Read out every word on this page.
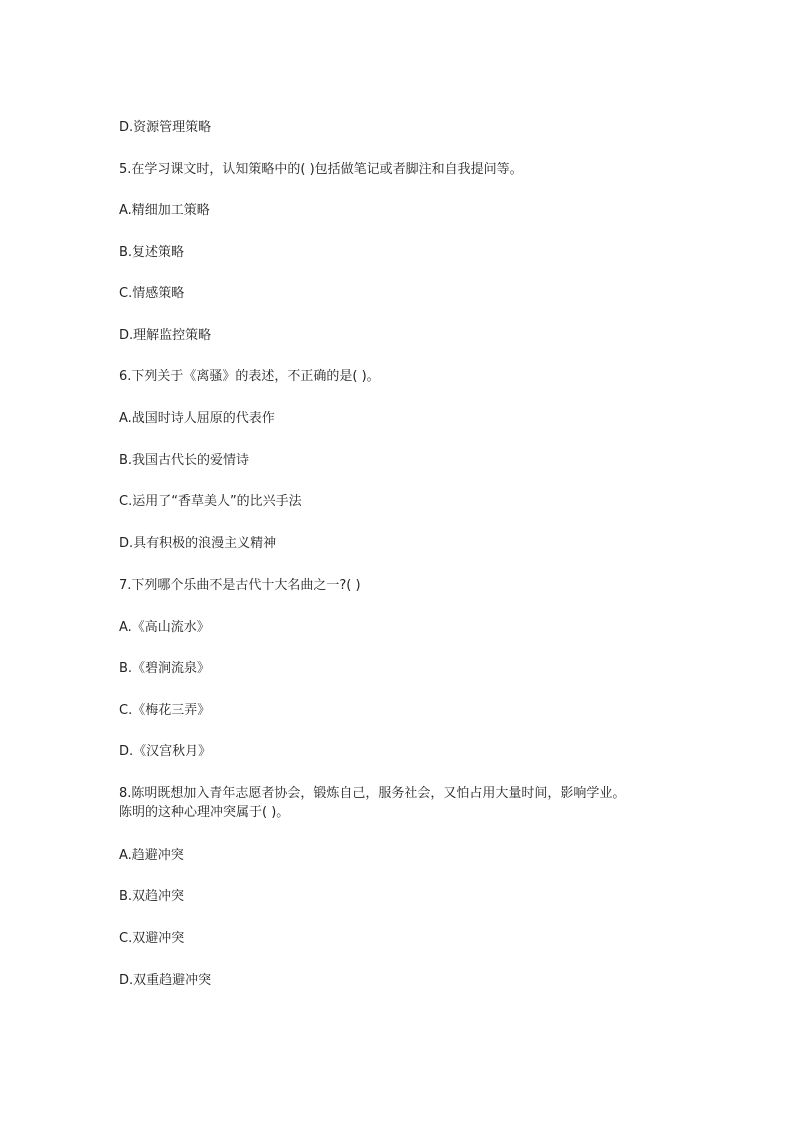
D.资源管理策略
5.在学习课文时，认知策略中的( )包括做笔记或者脚注和自我提问等。
A.精细加工策略
B.复述策略
C.情感策略
D.理解监控策略
6.下列关于《离骚》的表述，不正确的是( )。
A.战国时诗人屈原的代表作
B.我国古代长的爱情诗
C.运用了“香草美人”的比兴手法
D.具有积极的浪漫主义精神
7.下列哪个乐曲不是古代十大名曲之一?( )
A.《高山流水》
B.《碧涧流泉》
C.《梅花三弄》
D.《汉宫秋月》
8.陈明既想加入青年志愿者协会，锻炼自己，服务社会，又怕占用大量时间，影响学业。
陈明的这种心理冲突属于( )。
A.趋避冲突
B.双趋冲突
C.双避冲突
D.双重趋避冲突
